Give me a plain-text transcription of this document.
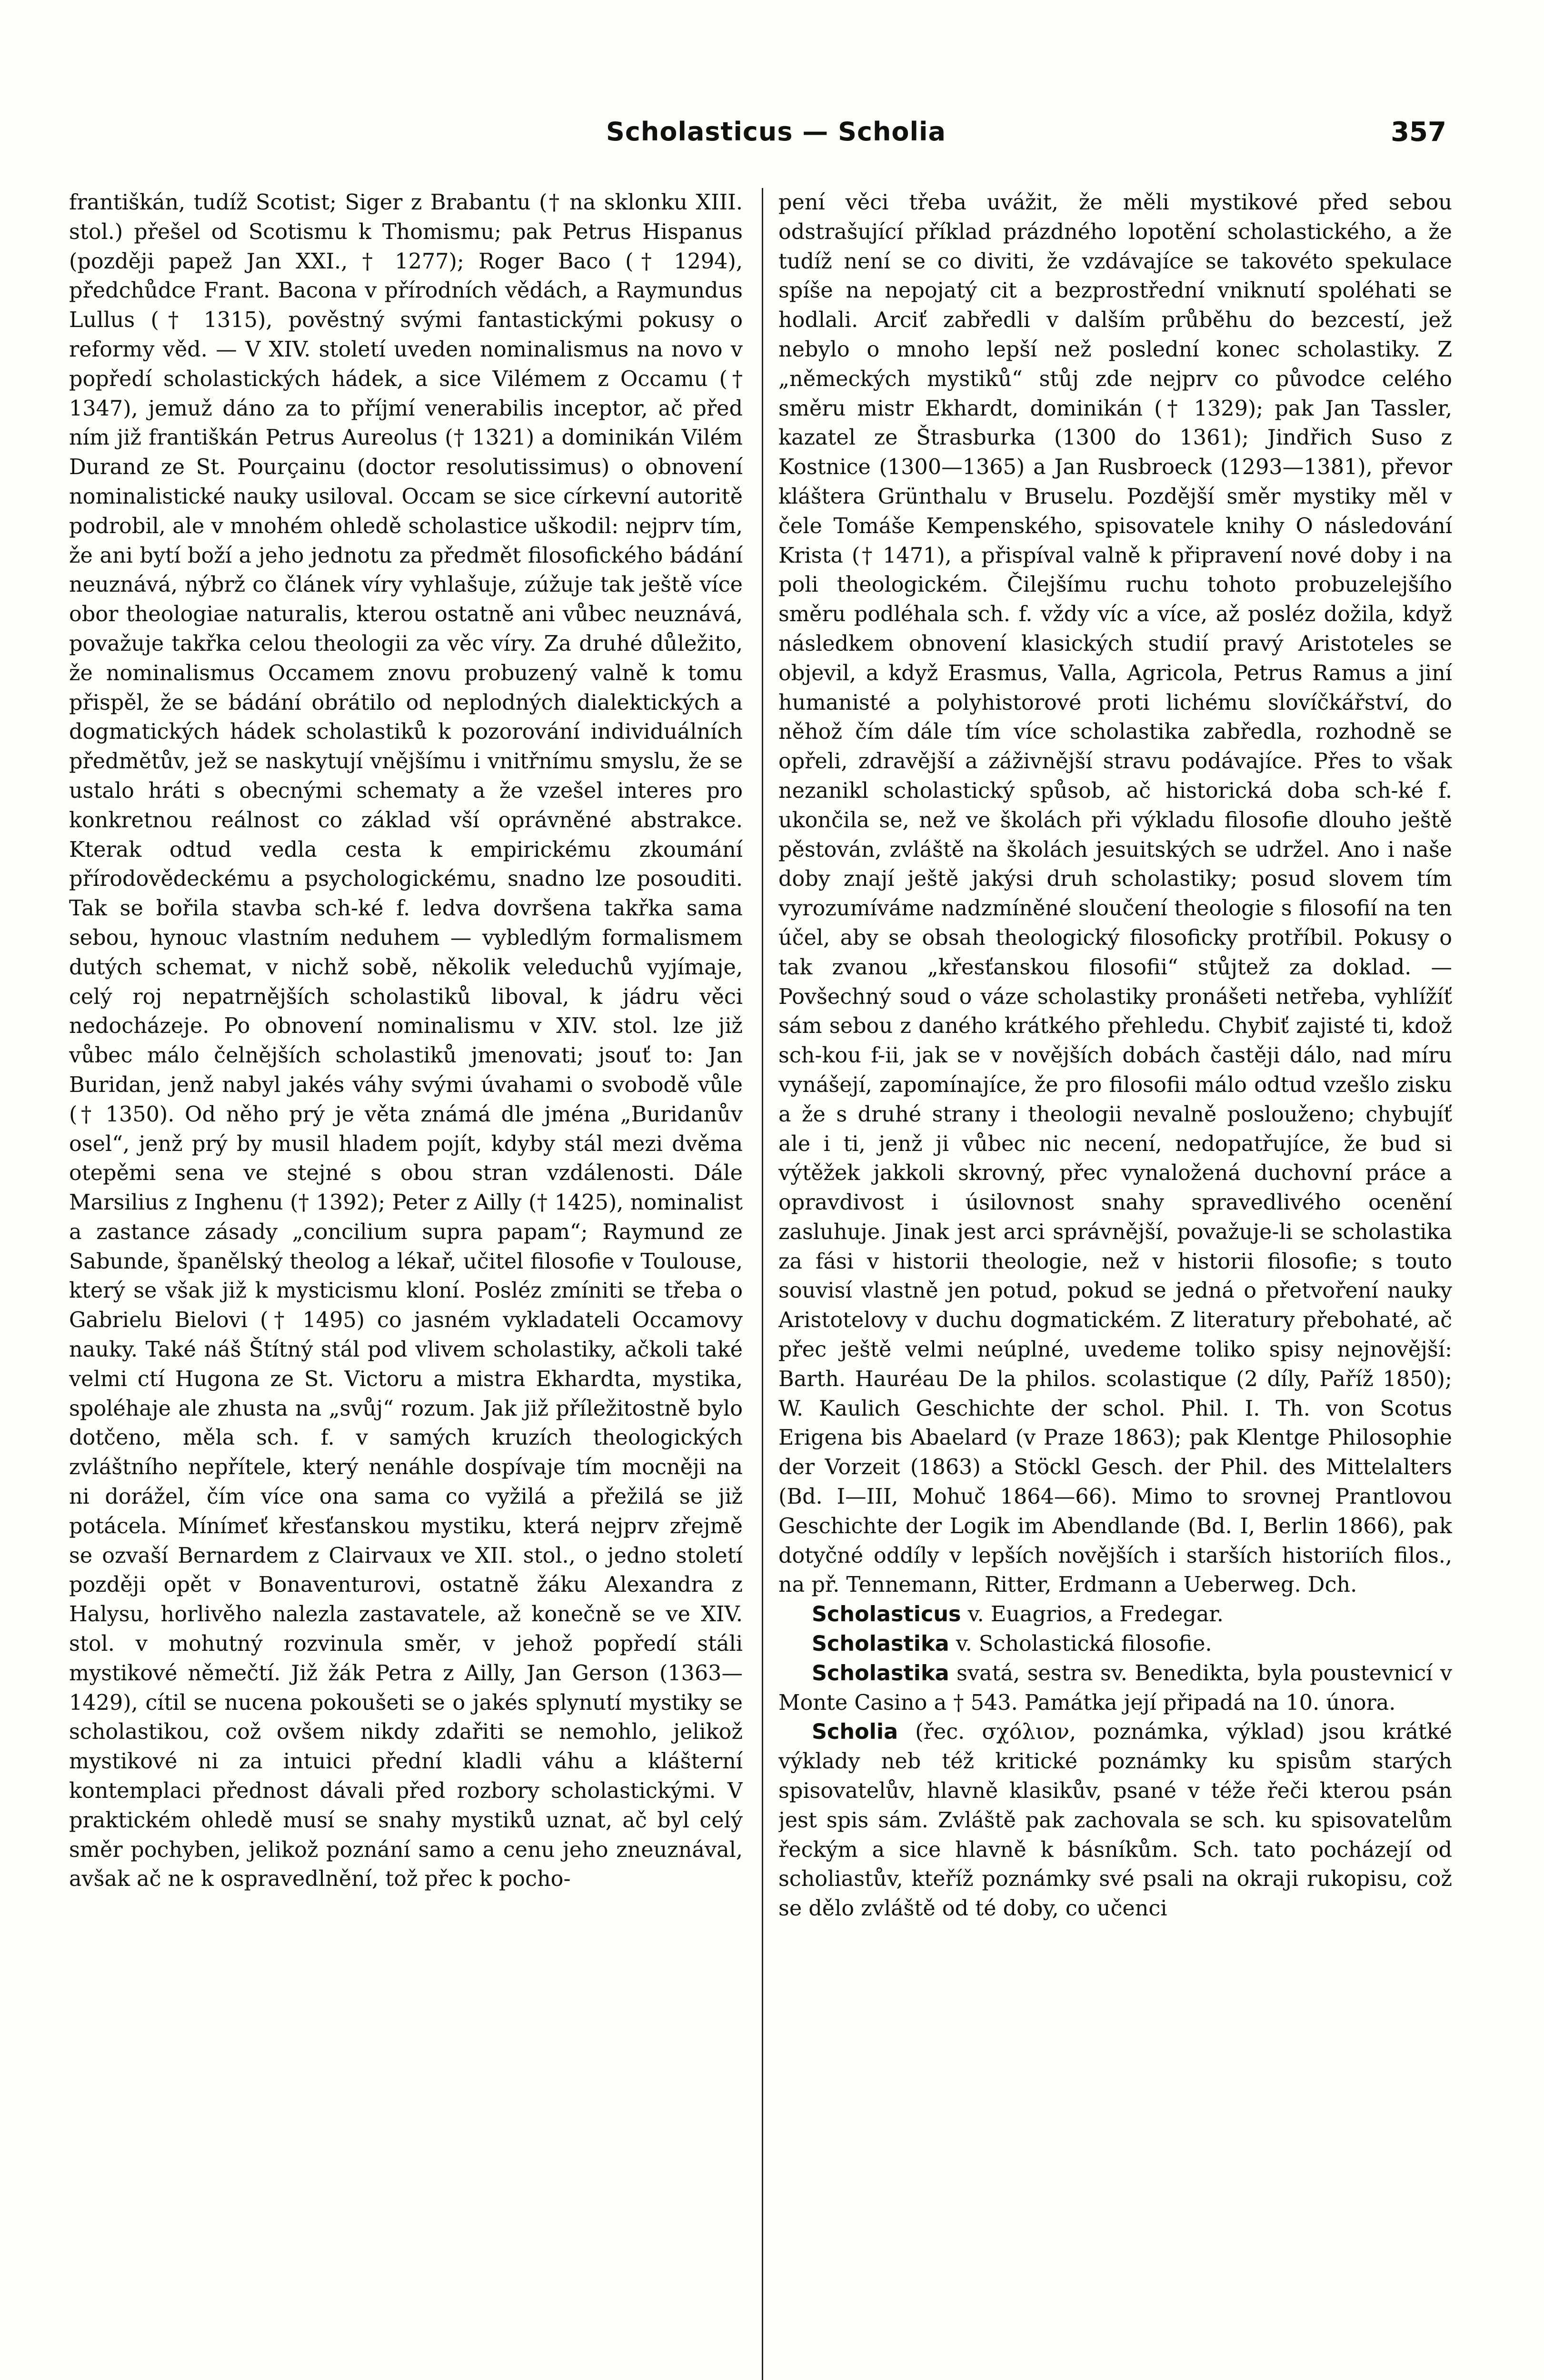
Scholasticus — Scholia	357

františkán, tudíž Scotist; Siger z Brabantu († na sklonku XIII. stol.) přešel od Scotismu k Thomismu; pak Petrus Hispanus (později papež Jan XXI., † 1277); Roger Baco († 1294), předchůdce Frant. Bacona v přírodních vědách, a Raymundus Lullus († 1315), pověstný svými fantastickými pokusy o reformy věd. — V XIV. století uveden nominalismus na novo v popředí scholastických hádek, a sice Vilémem z Occamu († 1347), jemuž dáno za to příjmí venerabilis inceptor, ač před ním již františkán Petrus Aureolus († 1321) a dominikán Vilém Durand ze St. Pourçainu (doctor resolutissimus) o obnovení nominalistické nauky usiloval. Occam se sice církevní autoritě podrobil, ale v mnohém ohledě scholastice uškodil: nejprv tím, že ani bytí boží a jeho jednotu za předmět filosofického bádání neuznává, nýbrž co článek víry vyhlašuje, zúžuje tak ještě více obor theologiae naturalis, kterou ostatně ani vůbec neuznává, považuje takřka celou theologii za věc víry. Za druhé důležito, že nominalismus Occamem znovu probuzený valně k tomu přispěl, že se bádání obrátilo od neplodných dialektických a dogmatických hádek scholastiků k pozorování individuálních předmětův, jež se naskytují vnějšímu i vnitřnímu smyslu, že se ustalo hráti s obecnými schematy a že vzešel interes pro konkretnou reálnost co základ vší oprávněné abstrakce. Kterak odtud vedla cesta k empirickému zkoumání přírodovědeckému a psychologickému, snadno lze posouditi. Tak se bořila stavba sch-ké f. ledva dovršena takřka sama sebou, hynouc vlastním neduhem — vybledlým formalismem dutých schemat, v nichž sobě, několik veleduchů vyjímaje, celý roj nepatrnějších scholastiků liboval, k jádru věci nedocházeje. Po obnovení nominalismu v XIV. stol. lze již vůbec málo čelnějších scholastiků jmenovati; jsouť to: Jan Buridan, jenž nabyl jakés váhy svými úvahami o svobodě vůle († 1350). Od něho prý je věta známá dle jména „Buridanův osel“, jenž prý by musil hladem pojít, kdyby stál mezi dvěma otepěmi sena ve stejné s obou stran vzdálenosti. Dále Marsilius z Inghenu († 1392); Peter z Ailly († 1425), nominalist a zastance zásady „concilium supra papam“; Raymund ze Sabunde, španělský theolog a lékař, učitel filosofie v Toulouse, který se však již k mysticismu kloní. Posléz zmíniti se třeba o Gabrielu Bielovi († 1495) co jasném vykladateli Occamovy nauky. Také náš Štítný stál pod vlivem scholastiky, ačkoli také velmi ctí Hugona ze St. Victoru a mistra Ekhardta, mystika, spoléhaje ale zhusta na „svůj“ rozum. Jak již příležitostně bylo dotčeno, měla sch. f. v samých kruzích theologických zvláštního nepřítele, který nenáhle dospívaje tím mocněji na ni dorážel, čím více ona sama co vyžilá a přežilá se již potácela. Mínímeť křesťanskou mystiku, která nejprv zřejmě se ozvaší Bernardem z Clairvaux ve XII. stol., o jedno století později opět v Bonaventurovi, ostatně žáku Alexandra z Halysu, horlivěho nalezla zastavatele, až konečně se ve XIV. stol. v mohutný rozvinula směr, v jehož popředí stáli mystikové němečtí. Již žák Petra z Ailly, Jan Gerson (1363—1429), cítil se nucena pokoušeti se o jakés splynutí mystiky se scholastikou, což ovšem nikdy zdařiti se nemohlo, jelikož mystikové ni za intuici přední kladli váhu a klášterní kontemplaci přednost dávali před rozbory scholastickými. V praktickém ohledě musí se snahy mystiků uznat, ač byl celý směr pochyben, jelikož poznání samo a cenu jeho zneuznával, avšak ač ne k ospravedlnění, tož přec k pocho-

pení věci třeba uvážit, že měli mystikové před sebou odstrašující příklad prázdného lopotění scholastického, a že tudíž není se co diviti, že vzdávajíce se takovéto spekulace spíše na nepojatý cit a bezprostřední vniknutí spoléhati se hodlali. Arciť zabředli v dalším průběhu do bezcestí, jež nebylo o mnoho lepší než poslední konec scholastiky. Z „německých mystiků“ stůj zde nejprv co původce celého směru mistr Ekhardt, dominikán († 1329); pak Jan Tassler, kazatel ze Štrasburka (1300 do 1361); Jindřich Suso z Kostnice (1300—1365) a Jan Rusbroeck (1293—1381), převor kláštera Grünthalu v Bruselu. Pozdější směr mystiky měl v čele Tomáše Kempenského, spisovatele knihy O následování Krista († 1471), a přispíval valně k připravení nové doby i na poli theologickém. Čilejšímu ruchu tohoto probuzelejšího směru podléhala sch. f. vždy víc a více, až posléz dožila, když následkem obnovení klasických studií pravý Aristoteles se objevil, a když Erasmus, Valla, Agricola, Petrus Ramus a jiní humanisté a polyhistorové proti lichému slovíčkářství, do něhož čím dále tím více scholastika zabředla, rozhodně se opřeli, zdravější a záživnější stravu podávajíce. Přes to však nezanikl scholastický spůsob, ač historická doba sch-ké f. ukončila se, než ve školách při výkladu filosofie dlouho ještě pěstován, zvláště na školách jesuitských se udržel. Ano i naše doby znají ještě jakýsi druh scholastiky; posud slovem tím vyrozumíváme nadzmíněné sloučení theologie s filosofií na ten účel, aby se obsah theologický filosoficky protříbil. Pokusy o tak zvanou „křesťanskou filosofii“ stůjtež za doklad. — Povšechný soud o váze scholastiky pronášeti netřeba, vyhlížíť sám sebou z daného krátkého přehledu. Chybiť zajisté ti, kdož sch-kou f-ii, jak se v novějších dobách častěji dálo, nad míru vynášejí, zapomínajíce, že pro filosofii málo odtud vzešlo zisku a že s druhé strany i theologii nevalně poslouženo; chybujíť ale i ti, jenž ji vůbec nic necení, nedopatřujíce, že bud si výtěžek jakkoli skrovný, přec vynaložená duchovní práce a opravdivost i úsilovnost snahy spravedlivého ocenění zasluhuje. Jinak jest arci správnější, považuje-li se scholastika za fási v historii theologie, než v historii filosofie; s touto souvisí vlastně jen potud, pokud se jedná o přetvoření nauky Aristotelovy v duchu dogmatickém. Z literatury přebohaté, ač přec ještě velmi neúplné, uvedeme toliko spisy nejnovější: Barth. Hauréau De la philos. scolastique (2 díly, Paříž 1850); W. Kaulich Geschichte der schol. Phil. I. Th. von Scotus Erigena bis Abaelard (v Praze 1863); pak Klentge Philosophie der Vorzeit (1863) a Stöckl Gesch. der Phil. des Mittelalters (Bd. I—III, Mohuč 1864—66). Mimo to srovnej Prantlovou Geschichte der Logik im Abendlande (Bd. I, Berlin 1866), pak dotyčné oddíly v lepších novějších i starších historiích filos., na př. Tennemann, Ritter, Erdmann a Ueberweg. Dch.

Scholasticus v. Euagrios, a Fredegar.

Scholastika v. Scholastická filosofie.

Scholastika svatá, sestra sv. Benedikta, byla poustevnicí v Monte Casino a † 543. Památka její připadá na 10. února.

Scholia (řec. σχόλιον, poznámka, výklad) jsou krátké výklady neb též kritické poznámky ku spisům starých spisovatelův, hlavně klasikův, psané v téže řeči kterou psán jest spis sám. Zvláště pak zachovala se sch. ku spisovatelům řeckým a sice hlavně k básníkům. Sch. tato pocházejí od scholiastův, kteříž poznámky své psali na okraji rukopisu, což se dělo zvláště od té doby, co učenci
